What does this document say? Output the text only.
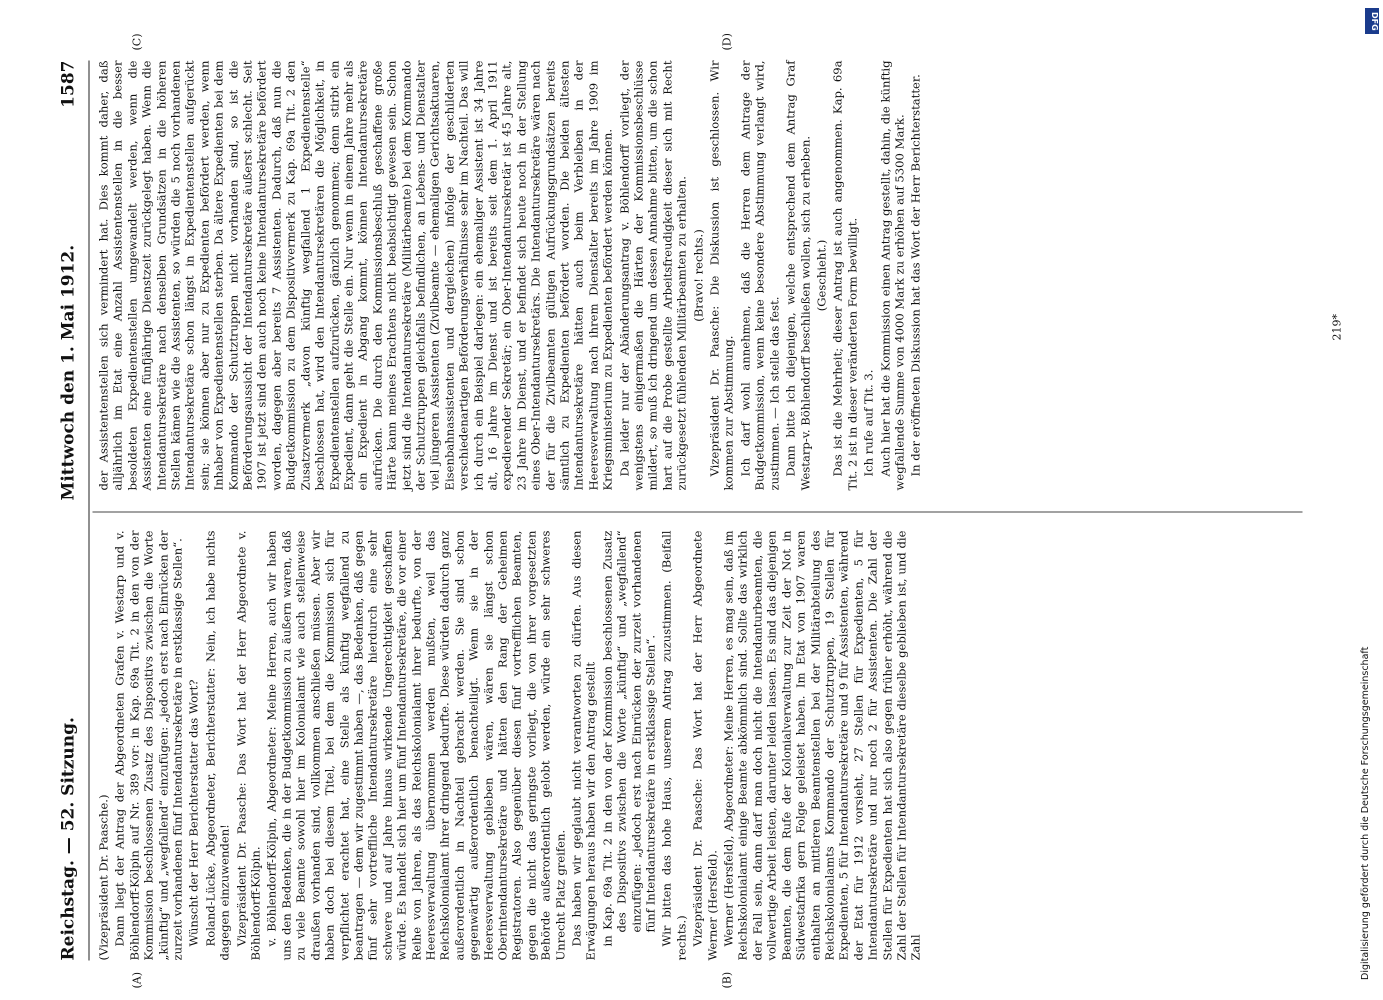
Reichstag. — 52. Sitzung.
Mittwoch den 1. Mai 1912.
1587
(A)	(B)
(C)	(D)

(Vizepräsident Dr. Paasche.) Dann liegt der Antrag der Abgeordneten Grafen v. Westarp und v. Böhlendorff-Kölpin auf Nr. 389 vor: in Kap. 69a Tit. 2 in den von der Kommission beschlossenen Zusatz des Dispositivs zwischen die Worte „künftig“ und „wegfallend“ einzufügen: „jedoch erst nach Einrücken der zurzeit vorhandenen fünf Intendantursekretäre in erstklassige Stellen“. Wünscht der Herr Berichterstatter das Wort? Roland-Lücke, Abgeordneter, Berichterstatter: Nein, ich habe nichts dagegen einzuwenden! Vizepräsident Dr. Paasche: Das Wort hat der Herr Abgeordnete v. Böhlendorff-Kölpin. v. Böhlendorff-Kölpin, Abgeordneter: Meine Herren, auch wir haben uns den Bedenken, die in der Budgetkommission zu äußern waren, daß zu viele Beamte sowohl hier im Kolonialamt wie auch stellenweise draußen vorhanden sind, vollkommen anschließen müssen. Aber wir haben doch bei diesem Titel, bei dem die Kommission sich für verpflichtet erachtet hat, eine Stelle als künftig wegfallend zu beantragen — dem wir zugestimmt haben —, das Bedenken, daß gegen fünf sehr vortreffliche Intendantursekretäre hierdurch eine sehr schwere und auf Jahre hinaus wirkende Ungerechtigkeit geschaffen würde. Es handelt sich hier um fünf Intendantursekretäre, die vor einer Reihe von Jahren, als das Reichskolonialamt ihrer bedurfte, von der Heeresverwaltung übernommen werden mußten, weil das Reichskolonialamt ihrer dringend bedurfte. Diese würden dadurch ganz außerordentlich in Nachteil gebracht werden. Sie sind schon gegenwärtig außerordentlich benachteiligt. Wenn sie in der Heeresverwaltung geblieben wären, wären sie längst schon Oberintendantursekretäre und hätten den Rang der Geheimen Registratoren. Also gegenüber diesen fünf vortrefflichen Beamten, gegen die nicht das geringste vorliegt, die von ihrer vorgesetzten Behörde außerordentlich gelobt werden, würde ein sehr schweres Unrecht Platz greifen. Das haben wir geglaubt nicht verantworten zu dürfen. Aus diesen Erwägungen heraus haben wir den Antrag gestellt in Kap. 69a Tit. 2 in den von der Kommission beschlossenen Zusatz des Dispositivs zwischen die Worte „künftig“ und „wegfallend“ einzufügen: „jedoch erst nach Einrücken der zurzeit vorhandenen fünf Intendantursekretäre in erstklassige Stellen“. Wir bitten das hohe Haus, unserem Antrag zuzustimmen. (Beifall rechts.) Vizepräsident Dr. Paasche: Das Wort hat der Herr Abgeordnete Werner (Hersfeld). Werner (Hersfeld), Abgeordneter: Meine Herren, es mag sein, daß im Reichskolonialamt einige Beamte abkömmlich sind. Sollte das wirklich der Fall sein, dann darf man doch nicht die Intendanturbeamten, die vollwertige Arbeit leisten, darunter leiden lassen. Es sind das diejenigen Beamten, die dem Rufe der Kolonialverwaltung zur Zeit der Not in Südwestafrika gern Folge geleistet haben. Im Etat von 1907 waren enthalten an mittleren Beamtenstellen bei der Militärabteilung des Reichskolonialamts Kommando der Schutztruppen, 19 Stellen für Expedienten, 5 für Intendantursekretäre und 9 für Assistenten, während der Etat für 1912 vorsieht, 27 Stellen für Expedienten, 5 für Intendantursekretäre und nur noch 2 für Assistenten. Die Zahl der Stellen für Expedienten hat sich also gegen früher erhöht, während die Zahl der Stellen für Intendantursekretäre dieselbe geblieben ist, und die Zahl

der Assistentenstellen sich vermindert hat. Dies kommt daher, daß alljährlich im Etat eine Anzahl Assistentenstellen in die besser besoldeten Expedientenstellen umgewandelt werden, wenn die Assistenten eine fünfjährige Dienstzeit zurückgelegt haben. Wenn die Intendantursekretäre nach denselben Grundsätzen in die höheren Stellen kämen wie die Assistenten, so würden die 5 noch vorhandenen Intendantursekretäre schon längst in Expedientenstellen aufgerückt sein; sie können aber nur zu Expedienten befördert werden, wenn Inhaber von Expedientenstellen sterben. Da ältere Expedienten bei dem Kommando der Schutztruppen nicht vorhanden sind, so ist die Beförderungsaussicht der Intendantursekretäre äußerst schlecht. Seit 1907 ist jetzt sind dem auch noch keine Intendantursekretäre befördert worden, dagegen aber bereits 7 Assistenten. Dadurch, daß nun die Budgetkommission zu dem Dispositivvermerk zu Kap. 69a Tit. 2 den Zusatzvermerk „davon künftig wegfallend 1 Expedientenstelle“ beschlossen hat, wird den Intendantursekretären die Möglichkeit, in Expedientenstellen aufzurücken, gänzlich genommen; denn stirbt ein Expedient, dann geht die Stelle ein. Nur wenn in einem Jahre mehr als ein Expedient in Abgang kommt, können Intendantursekretäre aufrücken. Die durch den Kommissionsbeschluß geschaffene große Härte kann meines Erachtens nicht beabsichtigt gewesen sein. Schon jetzt sind die Intendantursekretäre (Militärbeamte) bei dem Kommando der Schutztruppen gleichfalls befindlichen, an Lebens- und Dienstalter viel jüngeren Assistenten (Zivilbeamte — ehemaligen Gerichtsaktuaren, Eisenbahnassistenten und dergleichen) infolge der geschilderten verschiedenartigen Beförderungsverhältnisse sehr im Nachteil. Das will ich durch ein Beispiel darlegen: ein ehemaliger Assistent ist 34 Jahre alt, 16 Jahre im Dienst und ist bereits seit dem 1. April 1911 expedierender Sekretär; ein Ober-Intendantursekretär ist 45 Jahre alt, 23 Jahre im Dienst, und er befindet sich heute noch in der Stellung eines Ober-Intendantursekretärs. Die Intendantursekretäre wären nach der für die Zivilbeamten gültigen Aufrückungsgrundsätzen bereits sämtlich zu Expedienten befördert worden. Die beiden ältesten Intendantursekretäre hätten auch beim Verbleiben in der Heeresverwaltung nach ihrem Dienstalter bereits im Jahre 1909 im Kriegsministerium zu Expedienten befördert werden können. Da leider nur der Abänderungsantrag v. Böhlendorff vorliegt, der wenigstens einigermaßen die Härten der Kommissionsbeschlüsse mildert, so muß ich dringend um dessen Annahme bitten, um die schon hart auf die Probe gestellte Arbeitsfreudigkeit dieser sich mit Recht zurückgesetzt fühlenden Militärbeamten zu erhalten. (Bravo! rechts.) Vizepräsident Dr. Paasche: Die Diskussion ist geschlossen. Wir kommen zur Abstimmung. Ich darf wohl annehmen, daß die Herren dem Antrage der Budgetkommission, wenn keine besondere Abstimmung verlangt wird, zustimmen. — Ich stelle das fest. Dann bitte ich diejenigen, welche entsprechend dem Antrag Graf Westarp-v. Böhlendorff beschließen wollen, sich zu erheben. (Geschieht.) Das ist die Mehrheit; dieser Antrag ist auch angenommen. Kap. 69a Tit. 2 ist in dieser veränderten Form bewilligt. Ich rufe auf Tit. 3. Auch hier hat die Kommission einen Antrag gestellt, dahin, die künftig wegfallende Summe von 4000 Mark zu erhöhen auf 5300 Mark. In der eröffneten Diskussion hat das Wort der Herr Berichterstatter.	219*
DFG
Digitalisierung gefördert durch die Deutsche Forschungsgemeinschaft
